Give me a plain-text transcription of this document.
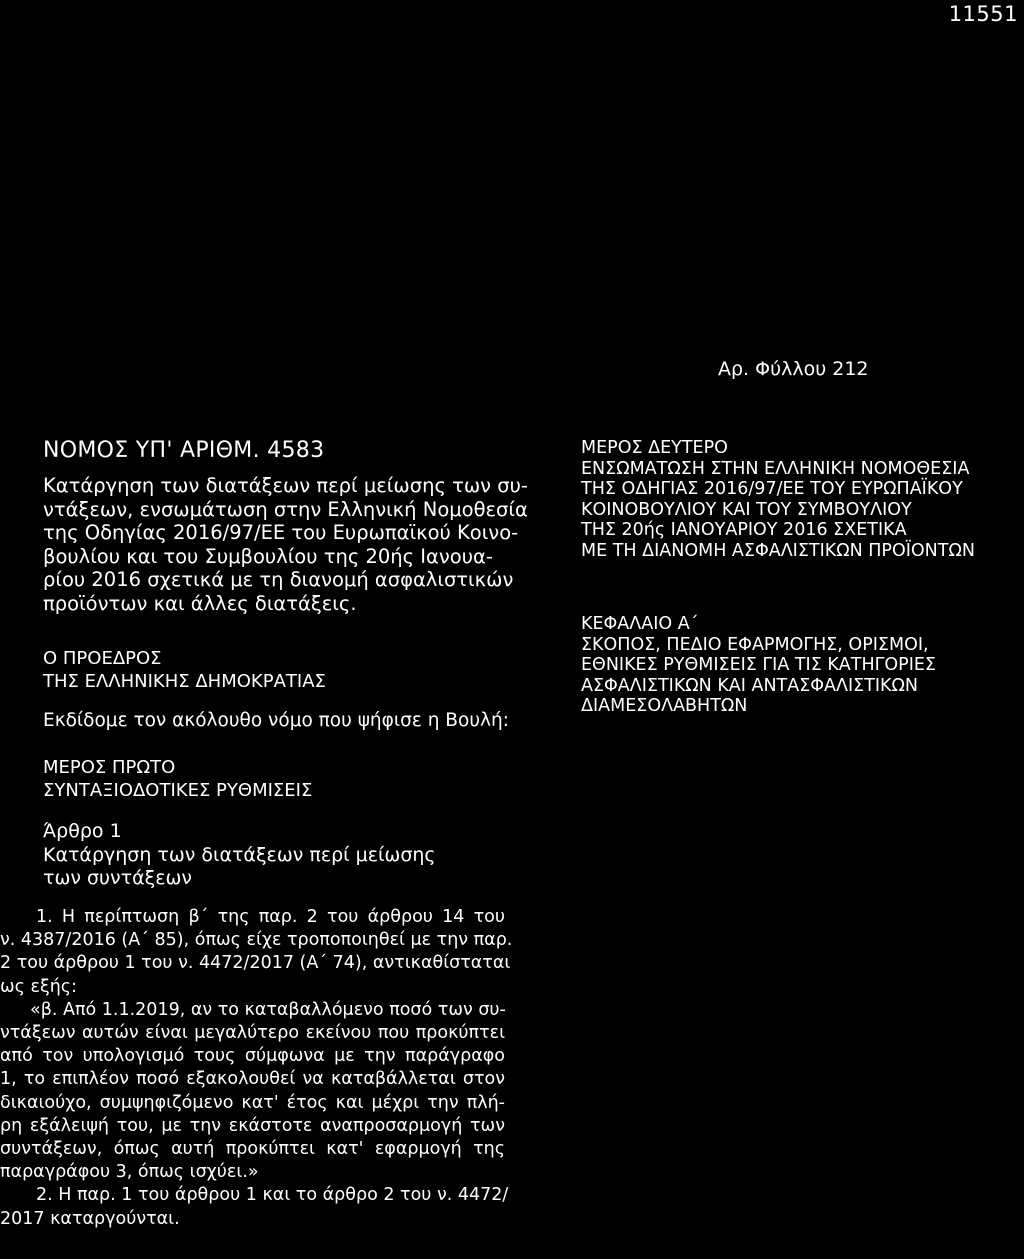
11551
Αρ. Φύλλου 212
ΝΟΜΟΣ ΥΠ' ΑΡΙΘΜ. 4583
Κατάργηση των διατάξεων περί μείωσης των συ-
ντάξεων, ενσωμάτωση στην Ελληνική Νομοθεσία
της Οδηγίας 2016/97/ΕΕ του Ευρωπαϊκού Κοινο-
βουλίου και του Συμβουλίου της 20ής Ιανουα-
ρίου 2016 σχετικά με τη διανομή ασφαλιστικών
προϊόντων και άλλες διατάξεις.
Ο ΠΡΟΕΔΡΟΣ
ΤΗΣ ΕΛΛΗΝΙΚΗΣ ΔΗΜΟΚΡΑΤΙΑΣ
Εκδίδομε τον ακόλουθο νόμο που ψήφισε η Βουλή:
ΜΕΡΟΣ ΠΡΩΤΟ
ΣΥΝΤΑΞΙΟΔΟΤΙΚΕΣ ΡΥΘΜΙΣΕΙΣ
Άρθρο 1
Κατάργηση των διατάξεων περί μείωσης
των συντάξεων
1. Η περίπτωση β΄ της παρ. 2 του άρθρου 14 του
ν. 4387/2016 (Α΄ 85), όπως είχε τροποποιηθεί με την παρ.
2 του άρθρου 1 του ν. 4472/2017 (Α΄ 74), αντικαθίσταται
ως εξής:
«β. Από 1.1.2019, αν το καταβαλλόμενο ποσό των συ-
ντάξεων αυτών είναι μεγαλύτερο εκείνου που προκύπτει
από τον υπολογισμό τους σύμφωνα με την παράγραφο
1, το επιπλέον ποσό εξακολουθεί να καταβάλλεται στον
δικαιούχο, συμψηφιζόμενο κατ' έτος και μέχρι την πλή-
ρη εξάλειψή του, με την εκάστοτε αναπροσαρμογή των
συντάξεων, όπως αυτή προκύπτει κατ' εφαρμογή της
παραγράφου 3, όπως ισχύει.»
2. Η παρ. 1 του άρθρου 1 και το άρθρο 2 του ν. 4472/
2017 καταργούνται.
ΜΕΡΟΣ ΔΕΥΤΕΡΟ
ΕΝΣΩΜΑΤΩΣΗ ΣΤΗΝ ΕΛΛΗΝΙΚΗ ΝΟΜΟΘΕΣΙΑ
ΤΗΣ ΟΔΗΓΙΑΣ 2016/97/ΕΕ ΤΟΥ ΕΥΡΩΠΑΪΚΟΥ
ΚΟΙΝΟΒΟΥΛΙΟΥ ΚΑΙ ΤΟΥ ΣΥΜΒΟΥΛΙΟΥ
ΤΗΣ 20ής ΙΑΝΟΥΑΡΙΟΥ 2016 ΣΧΕΤΙΚΑ
ΜΕ ΤΗ ΔΙΑΝΟΜΗ ΑΣΦΑΛΙΣΤΙΚΩΝ ΠΡΟΪΟΝΤΩΝ
ΚΕΦΑΛΑΙΟ Α΄
ΣΚΟΠΟΣ, ΠΕΔΙΟ ΕΦΑΡΜΟΓΗΣ, ΟΡΙΣΜΟΙ,
ΕΘΝΙΚΕΣ ΡΥΘΜΙΣΕΙΣ ΓΙΑ ΤΙΣ ΚΑΤΗΓΟΡΙΕΣ
ΑΣΦΑΛΙΣΤΙΚΩΝ ΚΑΙ ΑΝΤΑΣΦΑΛΙΣΤΙΚΩΝ
ΔΙΑΜΕΣΟΛΑΒΗΤΩΝ
